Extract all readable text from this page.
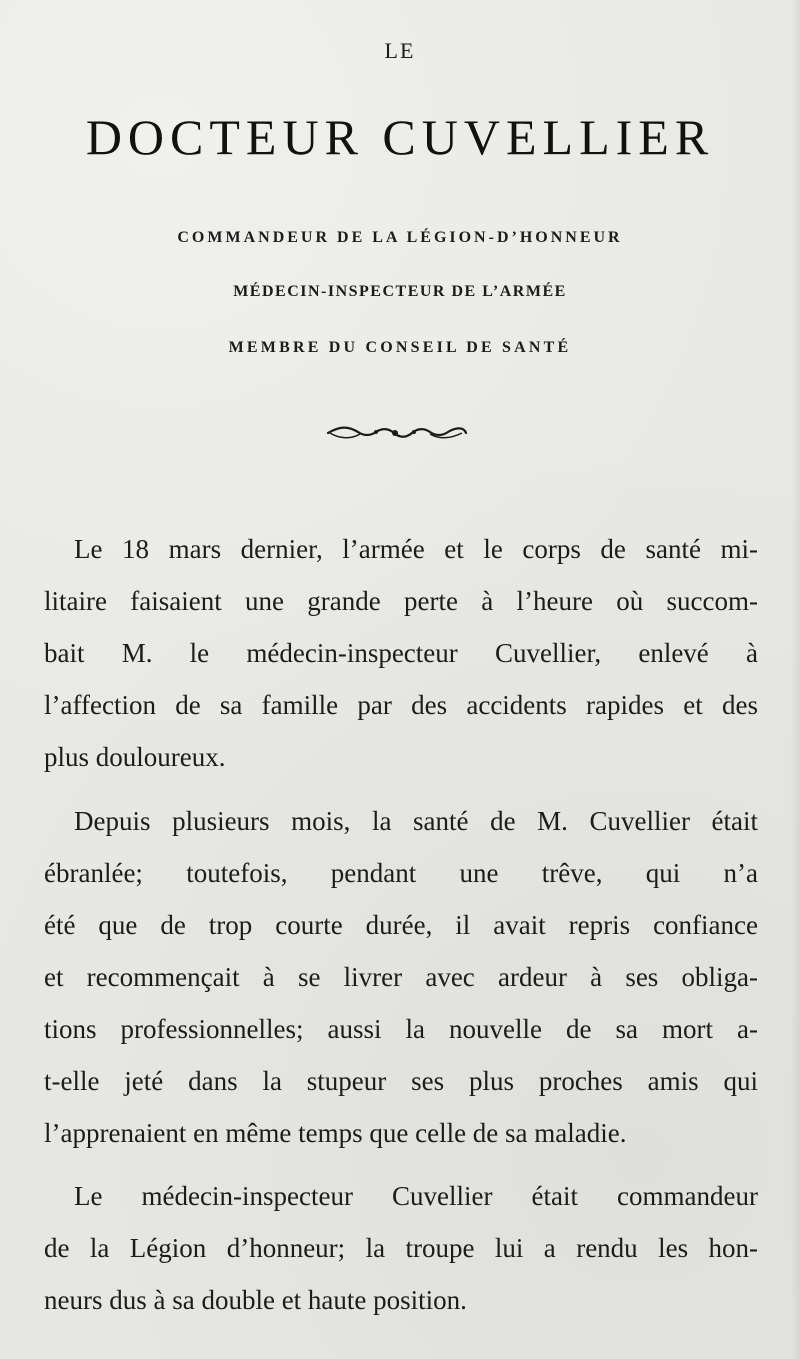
LE
DOCTEUR CUVELLIER
COMMANDEUR DE LA LÉGION-D’HONNEUR
MÉDECIN-INSPECTEUR DE L’ARMÉE
MEMBRE DU CONSEIL DE SANTÉ
Le 18 mars dernier, l’armée et le corps de santé mi-
litaire faisaient une grande perte à l’heure où succom-
bait M. le médecin-inspecteur Cuvellier, enlevé à
l’affection de sa famille par des accidents rapides et des
plus douloureux.
Depuis plusieurs mois, la santé de M. Cuvellier était
ébranlée; toutefois, pendant une trêve, qui n’a
été que de trop courte durée, il avait repris confiance
et recommençait à se livrer avec ardeur à ses obliga-
tions professionnelles; aussi la nouvelle de sa mort a-
t-elle jeté dans la stupeur ses plus proches amis qui
l’apprenaient en même temps que celle de sa maladie.
Le médecin-inspecteur Cuvellier était commandeur
de la Légion d’honneur; la troupe lui a rendu les hon-
neurs dus à sa double et haute position.
